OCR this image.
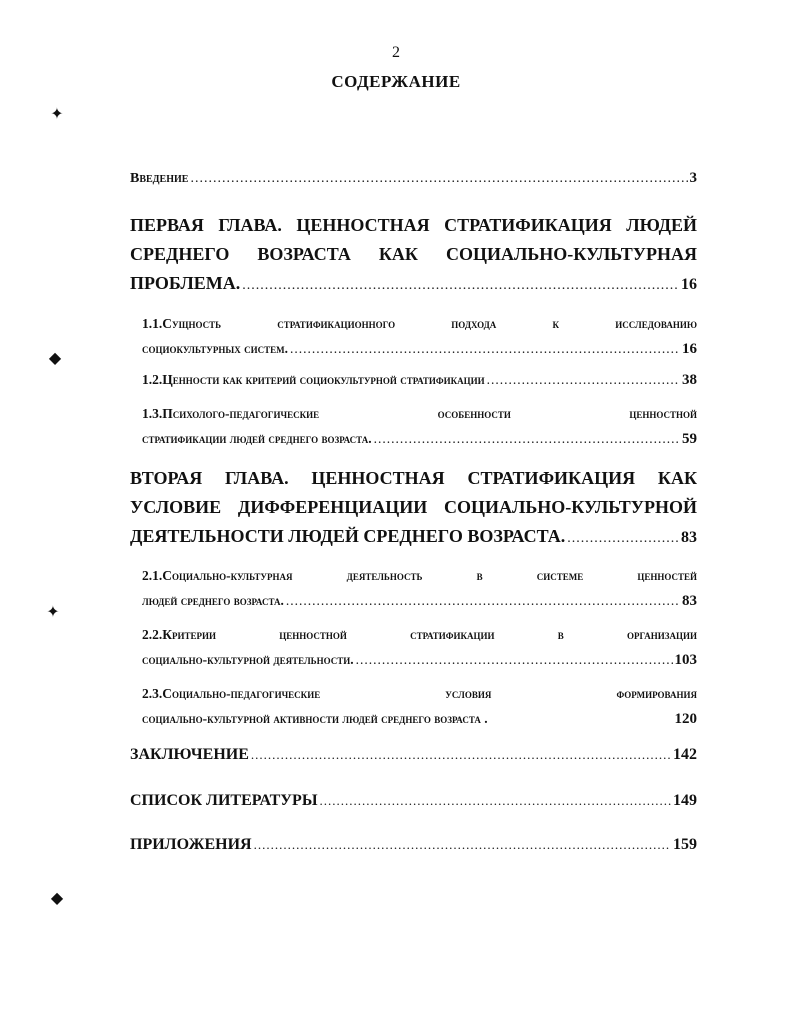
2
СОДЕРЖАНИЕ
✦
◆
✦
◆
Введение .....	3
ПЕРВАЯ ГЛАВА. ЦЕННОСТНАЯ СТРАТИФИКАЦИЯ ЛЮДЕЙ
СРЕДНЕГО ВОЗРАСТА КАК СОЦИАЛЬНО-КУЛЬТУРНАЯ
ПРОБЛЕМА. .....	16
1.1.Сущность стратификационного подхода к исследованию
социокультурных систем. .....	16
1.2.Ценности как критерий социокультурной стратификации .....	38
1.3.Психолого-педагогические особенности ценностной
стратификации людей среднего возраста. .....	59
ВТОРАЯ ГЛАВА. ЦЕННОСТНАЯ СТРАТИФИКАЦИЯ КАК
УСЛОВИЕ ДИФФЕРЕНЦИАЦИИ СОЦИАЛЬНО-КУЛЬТУРНОЙ
ДЕЯТЕЛЬНОСТИ ЛЮДЕЙ СРЕДНЕГО ВОЗРАСТА. .....	83
2.1.Социально-культурная деятельность в системе ценностей
людей среднего возраста. .....	83
2.2.Критерии ценностной стратификации в организации
социально-культурной деятельности. .....	103
2.3.Социально-педагогические условия формирования
социально-культурной активности людей среднего возраста .	120
ЗАКЛЮЧЕНИЕ .....	142
СПИСОК ЛИТЕРАТУРЫ .....	149
ПРИЛОЖЕНИЯ .....	159
